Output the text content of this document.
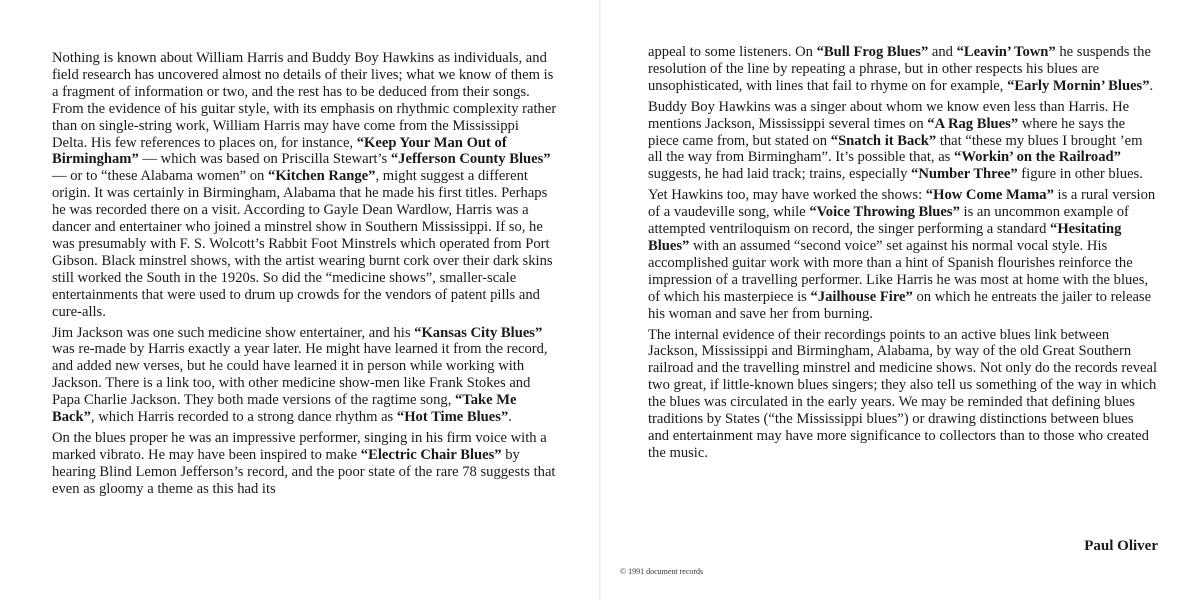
Nothing is known about William Harris and Buddy Boy Hawkins as individuals, and field research has uncovered almost no details of their lives; what we know of them is a fragment of information or two, and the rest has to be deduced from their songs. From the evidence of his guitar style, with its emphasis on rhythmic complexity rather than on single-string work, William Harris may have come from the Mississippi Delta. His few references to places on, for instance, “Keep Your Man Out of Birmingham” — which was based on Priscilla Stewart’s “Jefferson County Blues” — or to “these Alabama women” on “Kitchen Range”, might suggest a different origin. It was certainly in Birmingham, Alabama that he made his first titles. Perhaps he was recorded there on a visit. According to Gayle Dean Wardlow, Harris was a dancer and entertainer who joined a minstrel show in Southern Mississippi. If so, he was presumably with F. S. Wolcott’s Rabbit Foot Minstrels which operated from Port Gibson. Black minstrel shows, with the artist wearing burnt cork over their dark skins still worked the South in the 1920s. So did the “medicine shows”, smaller-scale entertainments that were used to drum up crowds for the vendors of patent pills and cure-alls.

Jim Jackson was one such medicine show entertainer, and his “Kansas City Blues” was re-made by Harris exactly a year later. He might have learned it from the record, and added new verses, but he could have learned it in person while working with Jackson. There is a link too, with other medicine show-men like Frank Stokes and Papa Charlie Jackson. They both made versions of the ragtime song, “Take Me Back”, which Harris recorded to a strong dance rhythm as “Hot Time Blues”.

On the blues proper he was an impressive performer, singing in his firm voice with a marked vibrato. He may have been inspired to make “Electric Chair Blues” by hearing Blind Lemon Jefferson’s record, and the poor state of the rare 78 suggests that even as gloomy a theme as this had its

appeal to some listeners. On “Bull Frog Blues” and “Leavin’ Town” he suspends the resolution of the line by repeating a phrase, but in other respects his blues are unsophisticated, with lines that fail to rhyme on for example, “Early Mornin’ Blues”.

Buddy Boy Hawkins was a singer about whom we know even less than Harris. He mentions Jackson, Mississippi several times on “A Rag Blues” where he says the piece came from, but stated on “Snatch it Back” that “these my blues I brought ’em all the way from Birmingham”. It’s possible that, as “Workin’ on the Railroad” suggests, he had laid track; trains, especially “Number Three” figure in other blues.

Yet Hawkins too, may have worked the shows: “How Come Mama” is a rural version of a vaudeville song, while “Voice Throwing Blues” is an uncommon example of attempted ventriloquism on record, the singer performing a standard “Hesitating Blues” with an assumed “second voice” set against his normal vocal style. His accomplished guitar work with more than a hint of Spanish flourishes reinforce the impression of a travelling performer. Like Harris he was most at home with the blues, of which his masterpiece is “Jailhouse Fire” on which he entreats the jailer to release his woman and save her from burning.

The internal evidence of their recordings points to an active blues link between Jackson, Mississippi and Birmingham, Alabama, by way of the old Great Southern railroad and the travelling minstrel and medicine shows. Not only do the records reveal two great, if little-known blues singers; they also tell us something of the way in which the blues was circulated in the early years. We may be reminded that defining blues traditions by States (“the Mississippi blues”) or drawing distinctions between blues and entertainment may have more significance to collectors than to those who created the music.

Paul Oliver
© 1991 document records
